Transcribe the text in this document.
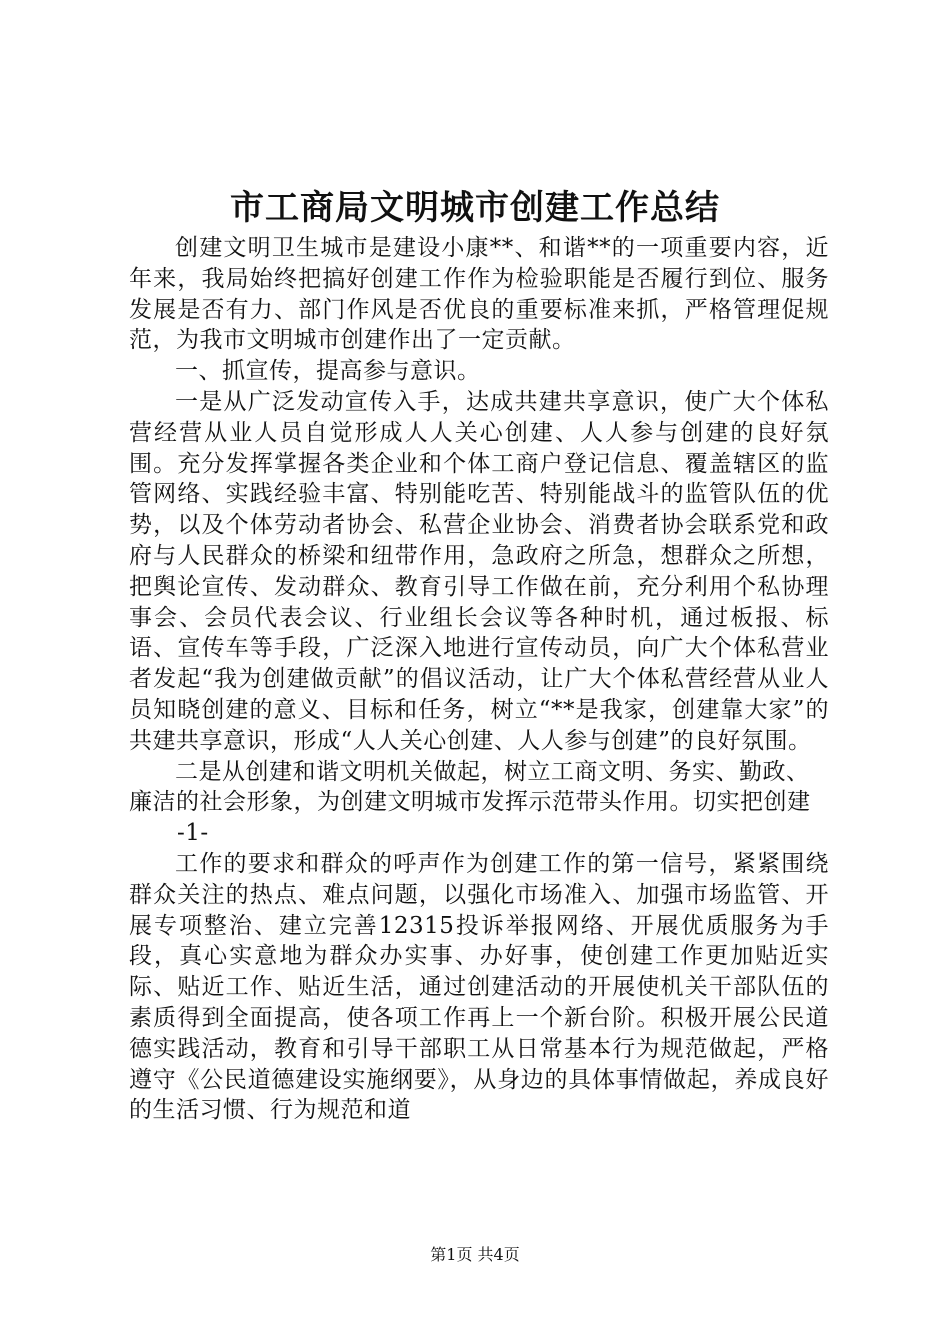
市工商局文明城市创建工作总结

创建文明卫生城市是建设小康**、和谐**的一项重要内容，近年来，我局始终把搞好创建工作作为检验职能是否履行到位、服务发展是否有力、部门作风是否优良的重要标准来抓，严格管理促规范，为我市文明城市创建作出了一定贡献。

一、抓宣传，提高参与意识。

一是从广泛发动宣传入手，达成共建共享意识，使广大个体私营经营从业人员自觉形成人人关心创建、人人参与创建的良好氛围。充分发挥掌握各类企业和个体工商户登记信息、覆盖辖区的监管网络、实践经验丰富、特别能吃苦、特别能战斗的监管队伍的优势，以及个体劳动者协会、私营企业协会、消费者协会联系党和政府与人民群众的桥梁和纽带作用，急政府之所急，想群众之所想，把舆论宣传、发动群众、教育引导工作做在前，充分利用个私协理事会、会员代表会议、行业组长会议等各种时机，通过板报、标语、宣传车等手段，广泛深入地进行宣传动员，向广大个体私营业者发起“我为创建做贡献”的倡议活动，让广大个体私营经营从业人员知晓创建的意义、目标和任务，树立“**是我家，创建靠大家”的共建共享意识，形成“人人关心创建、人人参与创建”的良好氛围。

二是从创建和谐文明机关做起，树立工商文明、务实、勤政、廉洁的社会形象，为创建文明城市发挥示范带头作用。切实把创建

-1-

工作的要求和群众的呼声作为创建工作的第一信号，紧紧围绕群众关注的热点、难点问题，以强化市场准入、加强市场监管、开展专项整治、建立完善12315投诉举报网络、开展优质服务为手段，真心实意地为群众办实事、办好事，使创建工作更加贴近实际、贴近工作、贴近生活，通过创建活动的开展使机关干部队伍的素质得到全面提高，使各项工作再上一个新台阶。积极开展公民道德实践活动，教育和引导干部职工从日常基本行为规范做起，严格遵守《公民道德建设实施纲要》，从身边的具体事情做起，养成良好的生活习惯、行为规范和道

第1页 共4页
